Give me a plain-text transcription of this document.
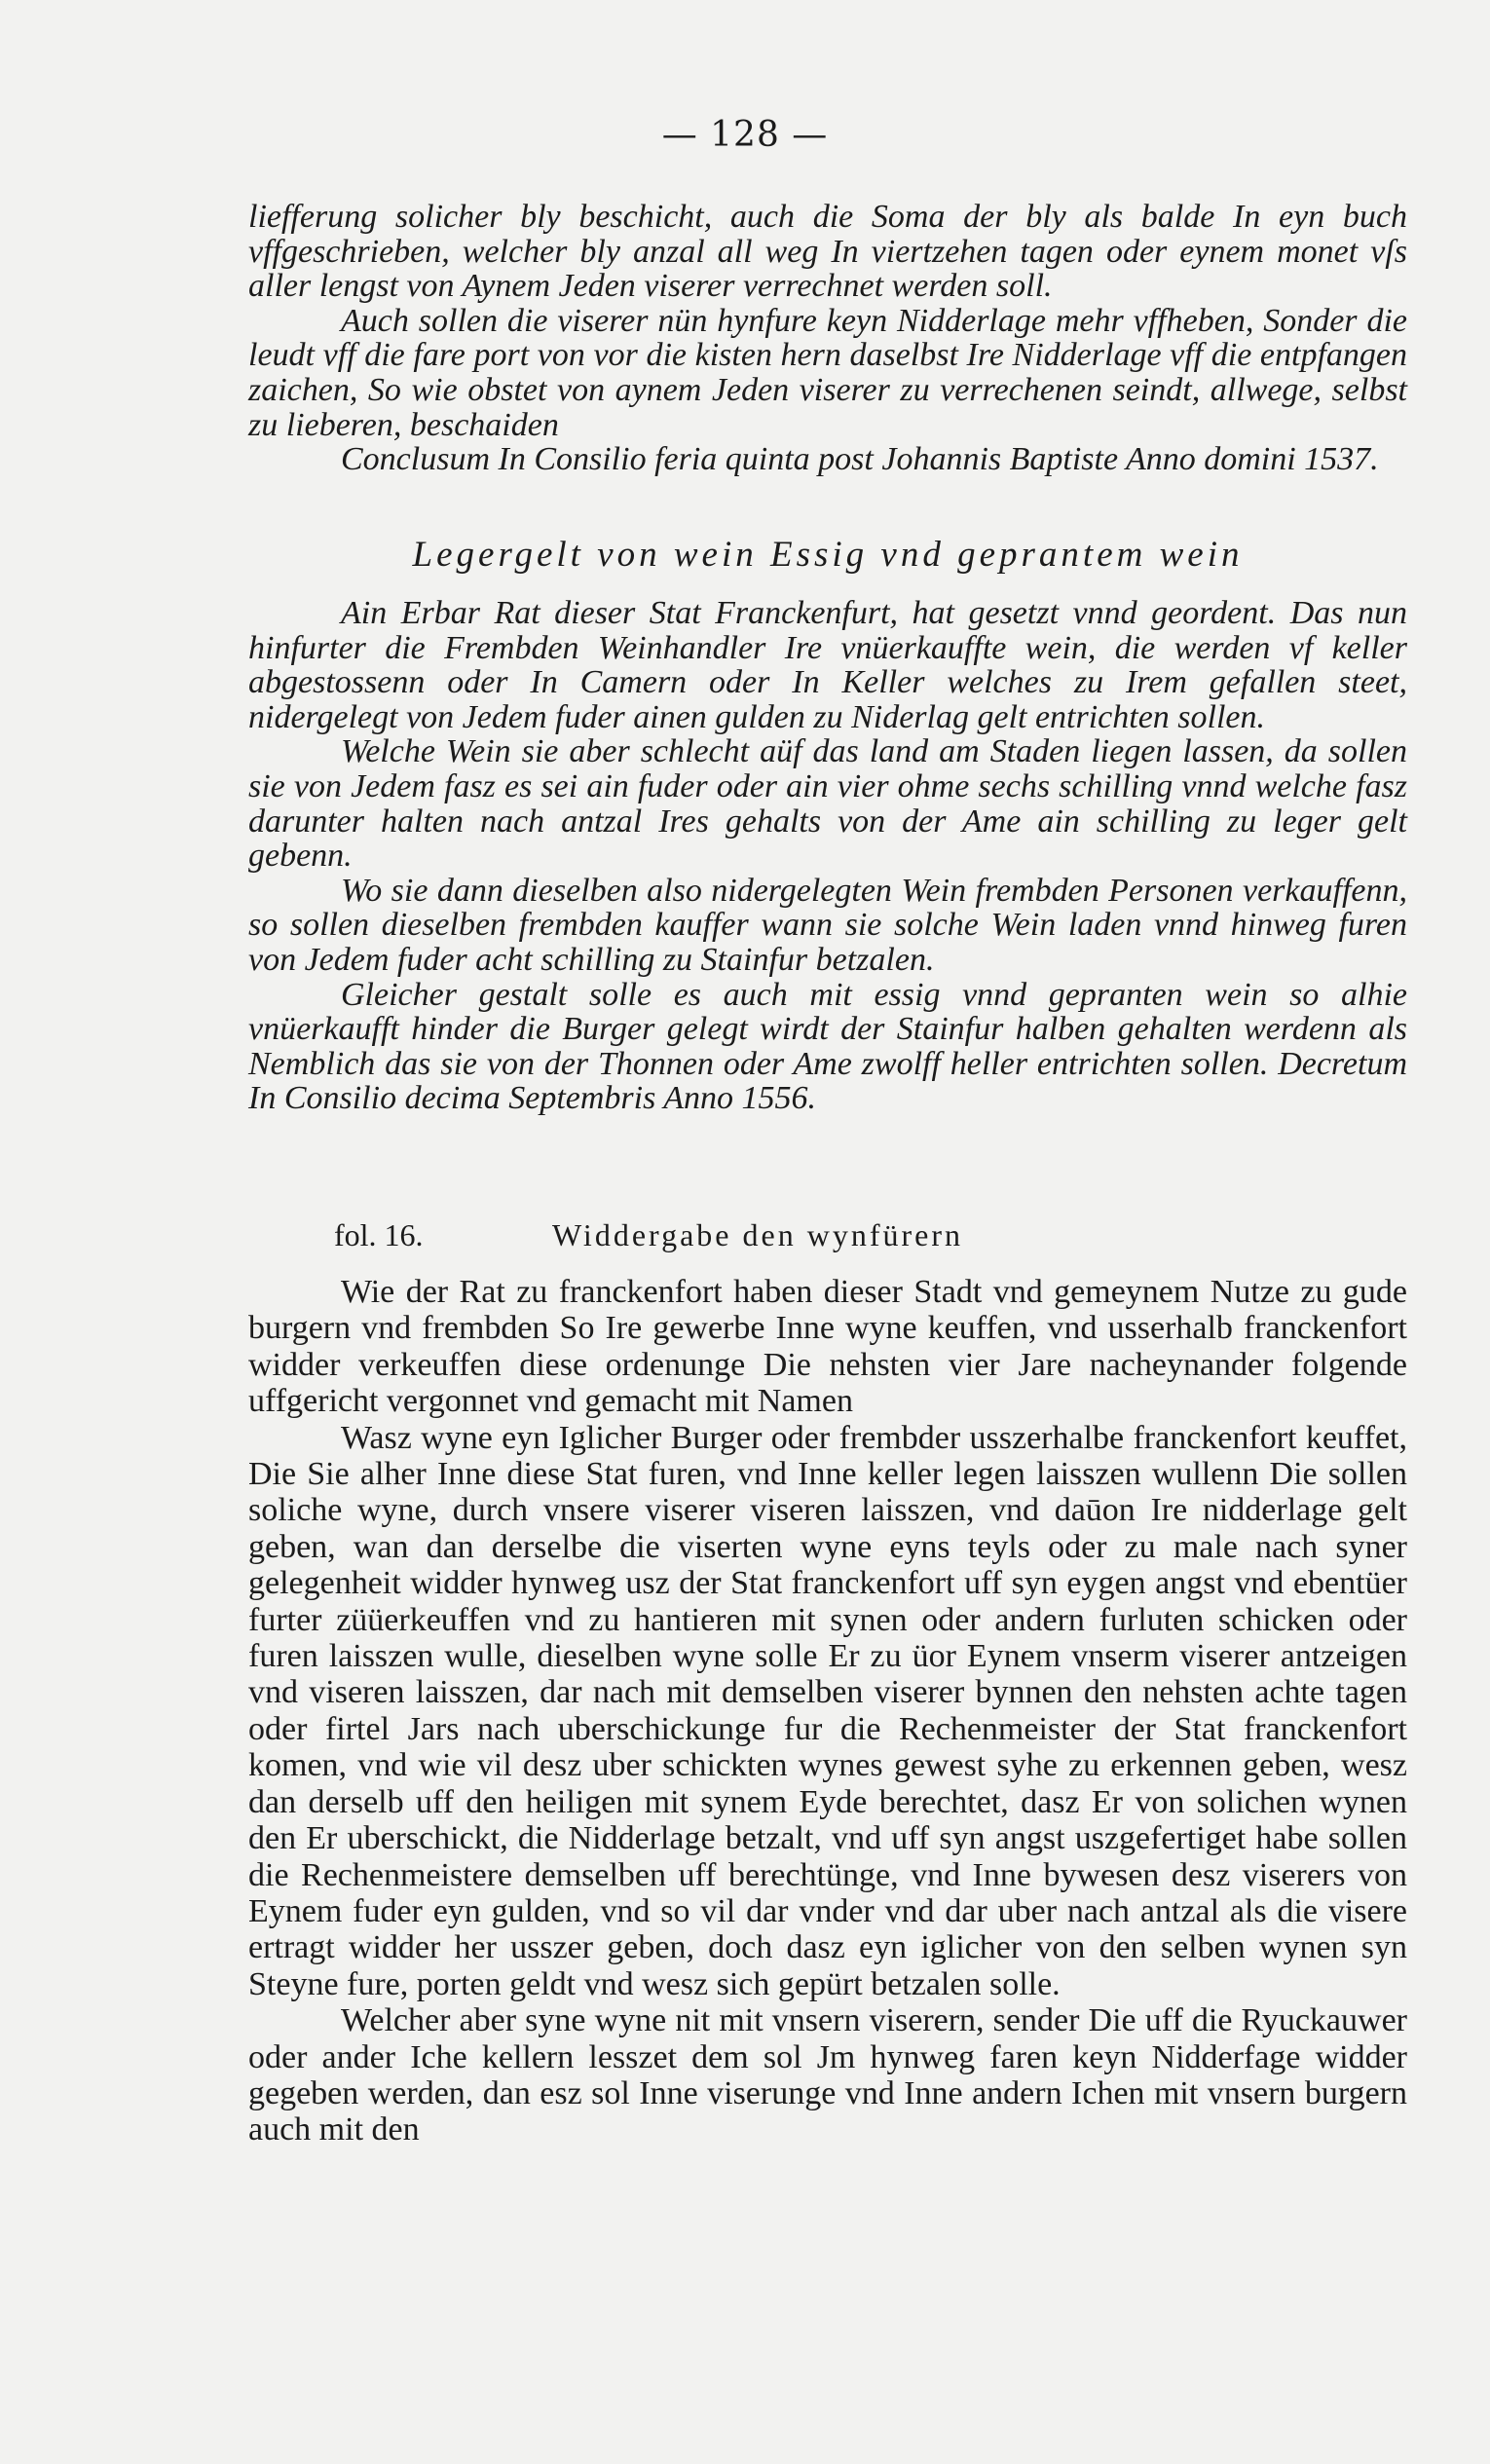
— 128 —

liefferung solicher bly beschicht, auch die Soma der bly als balde In eyn buch vffgeschrieben, welcher bly anzal all weg In viertzehen tagen oder eynem monet vſs aller lengst von Aynem Jeden viserer verrechnet werden soll.

Auch sollen die viserer nün hynfure keyn Nidderlage mehr vffheben, Sonder die leudt vff die fare port von vor die kisten hern daselbst Ire Nidderlage vff die entpfangen zaichen, So wie obstet von aynem Jeden viserer zu verrechenen seindt, allwege, selbst zu lieberen, beschaiden

Conclusum In Consilio feria quinta post Johannis Baptiste Anno domini 1537.

Legergelt von wein Essig vnd geprantem wein

Ain Erbar Rat dieser Stat Franckenfurt, hat gesetzt vnnd geordent. Das nun hinfurter die Frembden Weinhandler Ire vnüerkauffte wein, die werden vf keller abgestossenn oder In Camern oder In Keller welches zu Irem gefallen steet, nidergelegt von Jedem fuder ainen gulden zu Niderlag gelt entrichten sollen.

Welche Wein sie aber schlecht aüf das land am Staden liegen lassen, da sollen sie von Jedem fasz es sei ain fuder oder ain vier ohme sechs schilling vnnd welche fasz darunter halten nach antzal Ires gehalts von der Ame ain schilling zu leger gelt gebenn.

Wo sie dann dieselben also nidergelegten Wein frembden Personen verkauffenn, so sollen dieselben frembden kauffer wann sie solche Wein laden vnnd hinweg furen von Jedem fuder acht schilling zu Stainfur betzalen.

Gleicher gestalt solle es auch mit essig vnnd gepranten wein so alhie vnüerkaufft hinder die Burger gelegt wirdt der Stainfur halben gehalten werdenn als Nemblich das sie von der Thonnen oder Ame zwolff heller entrichten sollen. Decretum In Consilio decima Septembris Anno 1556.

fol. 16.	Widdergabe den wynfürern

Wie der Rat zu franckenfort haben dieser Stadt vnd gemeynem Nutze zu gude burgern vnd frembden So Ire gewerbe Inne wyne keuffen, vnd usserhalb franckenfort widder verkeuffen diese ordenunge Die nehsten vier Jare nacheynander folgende uffgericht vergonnet vnd gemacht mit Namen

Wasz wyne eyn Iglicher Burger oder frembder usszerhalbe franckenfort keuffet, Die Sie alher Inne diese Stat furen, vnd Inne keller legen laisszen wullenn Die sollen soliche wyne, durch vnsere viserer viseren laisszen, vnd daūon Ire nidderlage gelt geben, wan dan derselbe die viserten wyne eyns teyls oder zu male nach syner gelegenheit widder hynweg usz der Stat franckenfort uff syn eygen angst vnd ebentüer furter züüerkeuffen vnd zu hantieren mit synen oder andern furluten schicken oder furen laisszen wulle, dieselben wyne solle Er zu üor Eynem vnserm viserer antzeigen vnd viseren laisszen, dar nach mit demselben viserer bynnen den nehsten achte tagen oder firtel Jars nach uberschickunge fur die Rechenmeister der Stat franckenfort komen, vnd wie vil desz uber schickten wynes gewest syhe zu erkennen geben, wesz dan derselb uff den heiligen mit synem Eyde berechtet, dasz Er von solichen wynen den Er uberschickt, die Nidderlage betzalt, vnd uff syn angst uszgefertiget habe sollen die Rechenmeistere demselben uff berechtünge, vnd Inne bywesen desz viserers von Eynem fuder eyn gulden, vnd so vil dar vnder vnd dar uber nach antzal als die visere ertragt widder her usszer geben, doch dasz eyn iglicher von den selben wynen syn Steyne fure, porten geldt vnd wesz sich gepürt betzalen solle.

Welcher aber syne wyne nit mit vnsern viserern, sender Die uff die Ryuckauwer oder ander Iche kellern lesszet dem sol Jm hynweg faren keyn Nidderfage widder gegeben werden, dan esz sol Inne viserunge vnd Inne andern Ichen mit vnsern burgern auch mit den
